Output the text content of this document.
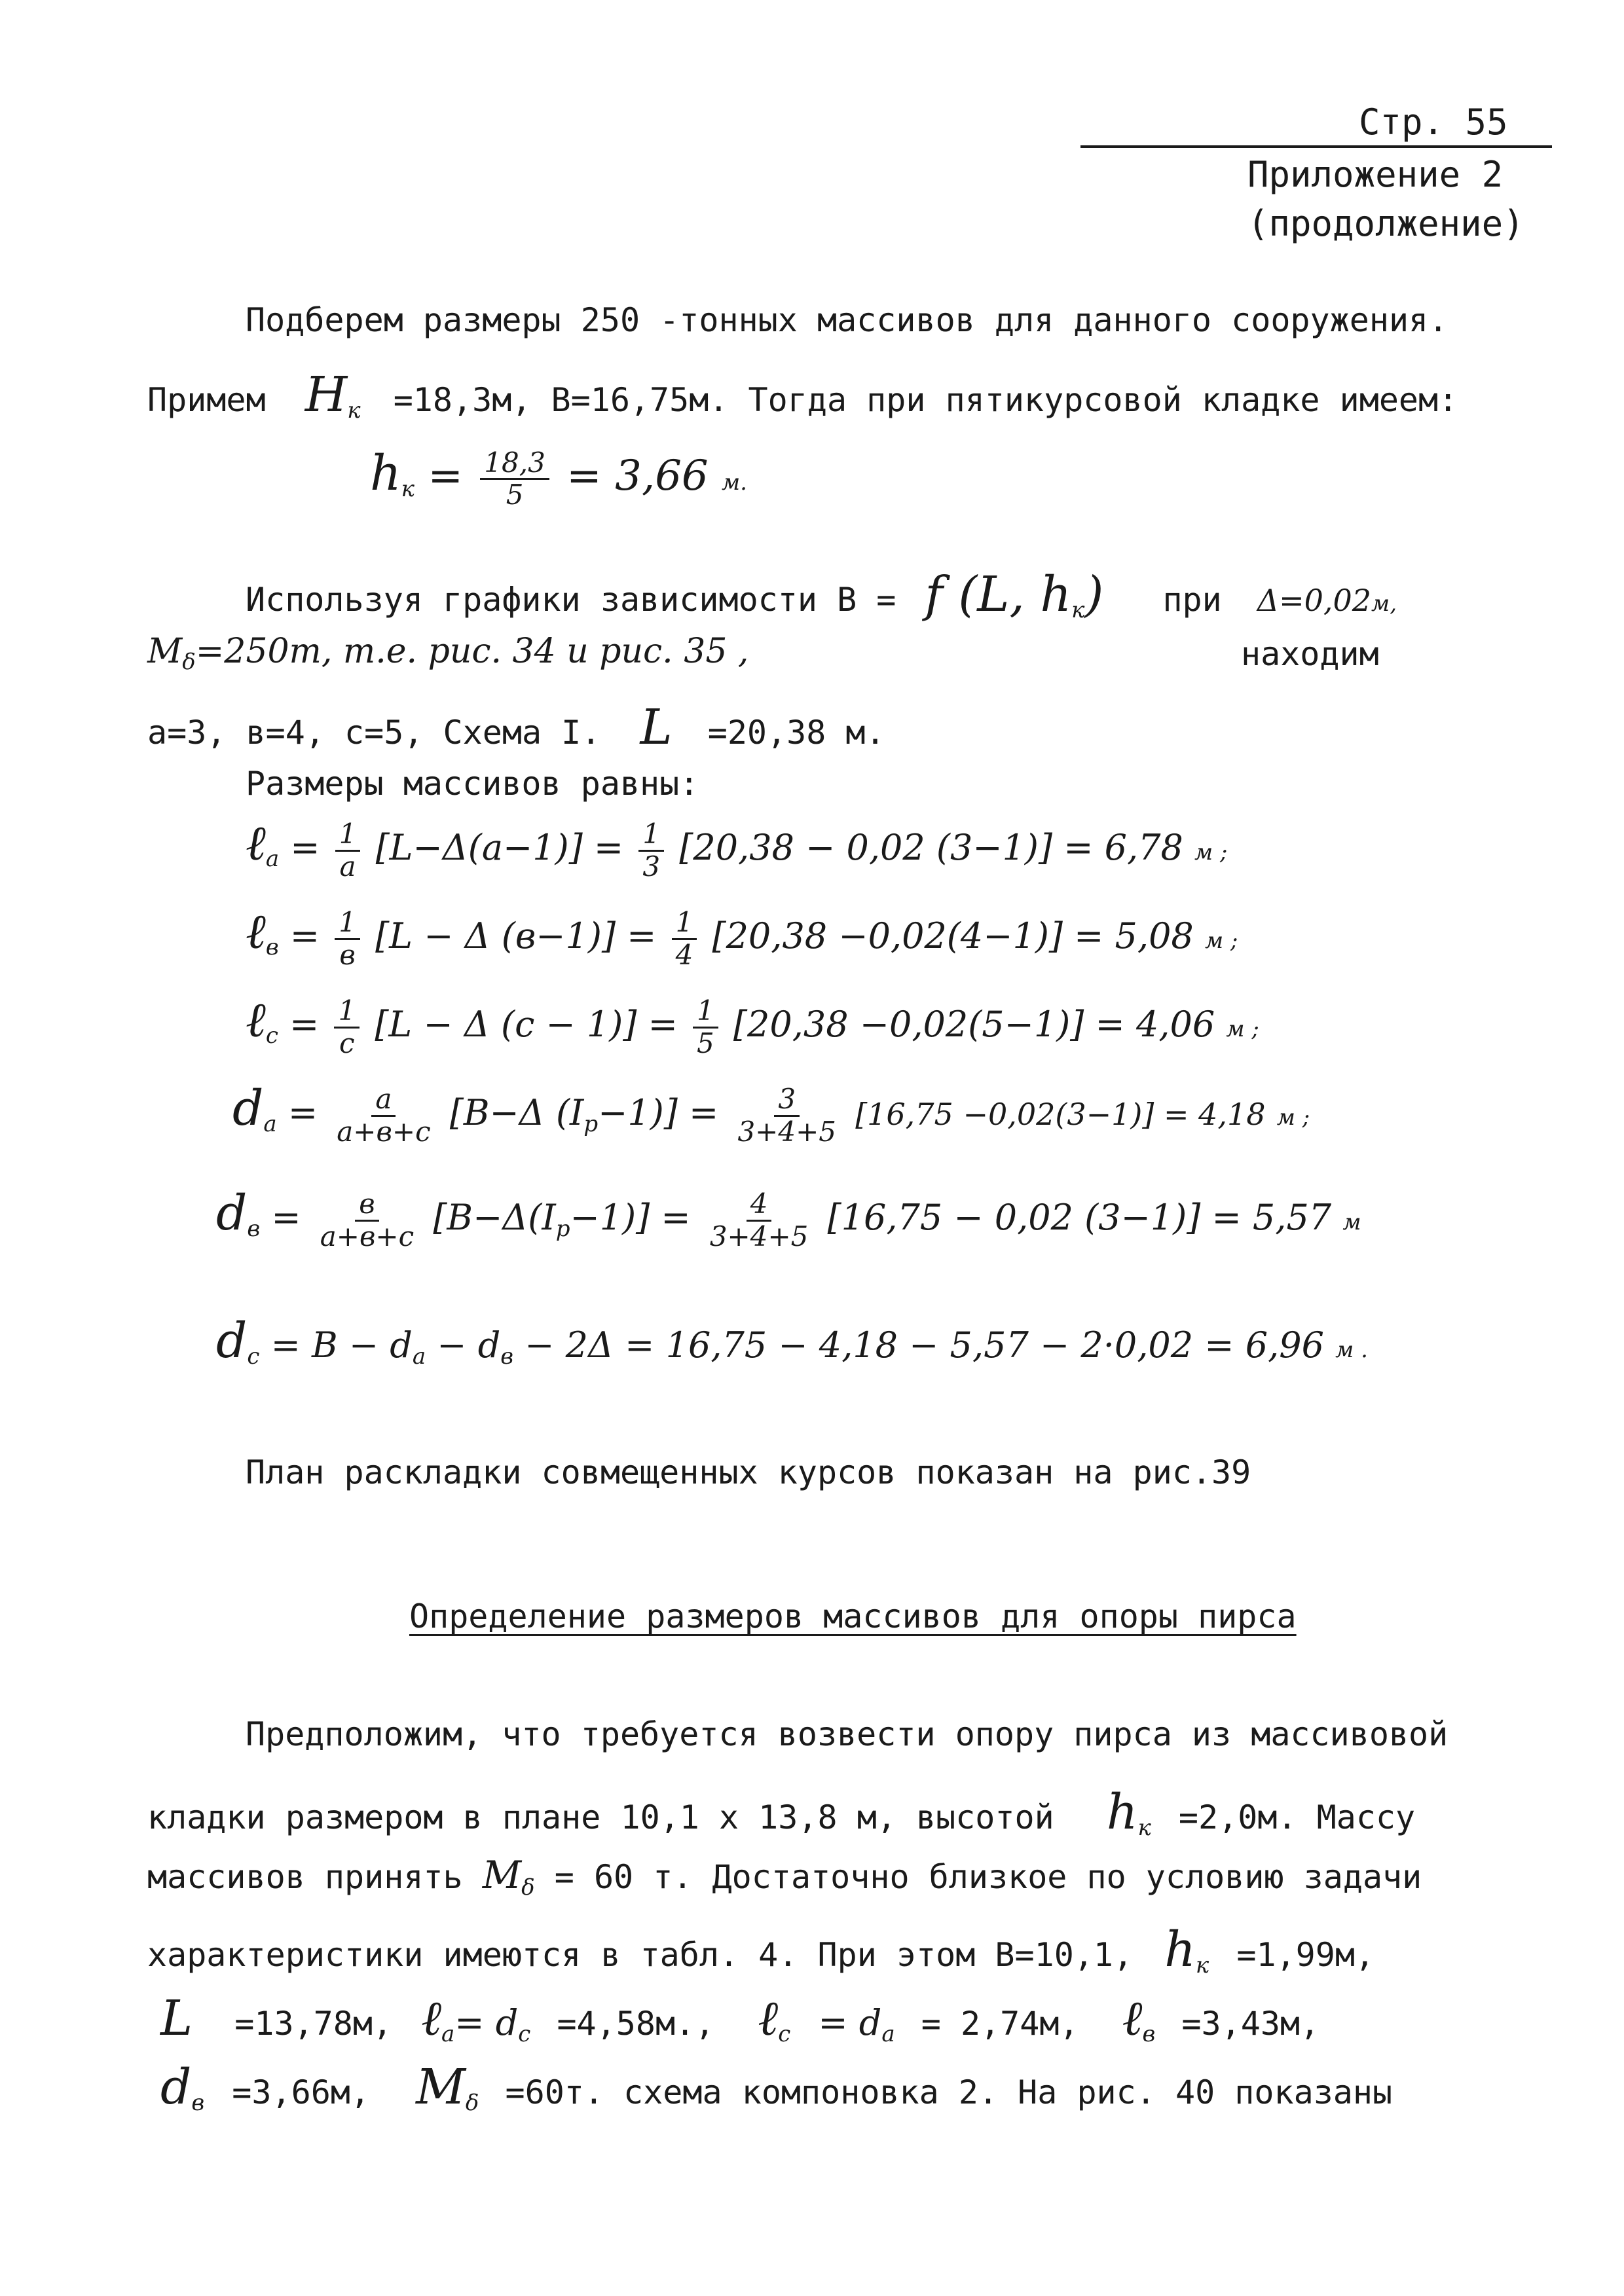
Стр. 55
Приложение 2
(продолжение)
Подберем размеры 250 -тонных массивов для данного сооружения.
Примем $H_к =18,3м$, В=16,75м. Тогда при пятикурсовой кладке имеем:
$h_к = \frac{18,3}{5} = 3,66$ м.
Используя графики зависимости В = f (L, $h_к$) при Δ=0,02м,
$M_\delta=250т$, т.е. рис. 34 и рис. 35 ,	находим
а=3, в=4, с=5, Схема I. L =20,38 м.
Размеры массивов равны:
ℓ$_a$ = $\frac{1}{a} [L-\Delta(a-1)] = \frac{1}{3} [20,38 - 0,02$ (3−1)] = 6,78 м ;
ℓ$_в$ = $\frac{1}{в} [L - \Delta$ $(в-1)] = \frac{1}{4} [20,38 -0,02(4-1)] = 5,08$ м ;
ℓ$_c$ = $\frac{1}{c} [L - \Delta$ $(c - 1)] = \frac{1}{5} [20,38 -0,02(5-1)] = 4,06$ м ;
$d_a = \frac{a}{a+в+c} [B-\Delta$ $(I_p-1)] = \frac{3}{3+4+5} [16,75 -0,02(3-1)] = 4,18$ м ;
$d_в = \frac{в}{a+в+c} [B-\Delta(I_p-1)] = \frac{4}{3+4+5} [16,75 - 0,02$ (3−1)] = 5,57 м
$d_c = B - d_a - d_в - 2\Delta = 16,75 - 4,18 - 5,57 - 2\cdot 0,02 = 6,96$ м .
План раскладки совмещенных курсов показан на рис.39
Определение размеров массивов для опоры пирса
Предположим, что требуется возвести опору пирса из массивовой
кладки размером в плане 10,1 х 13,8 м, высотой $h_к =2,0м$. Массу
массивов принять $M_\delta = 60$ т. Достаточно близкое по условию задачи
характеристики имеются в табл. 4. При этом В=10,1, $h_к =1,99м$,
L =13,78м, ℓ$_a$= $d_c =4,58м$., ℓ$_c$ = $d_a = 2,74м$, ℓ$_в$ =3,43м,
$d_в =3,66м$, $M_\delta =60т$. схема компоновка 2. На рис. 40 показаны
